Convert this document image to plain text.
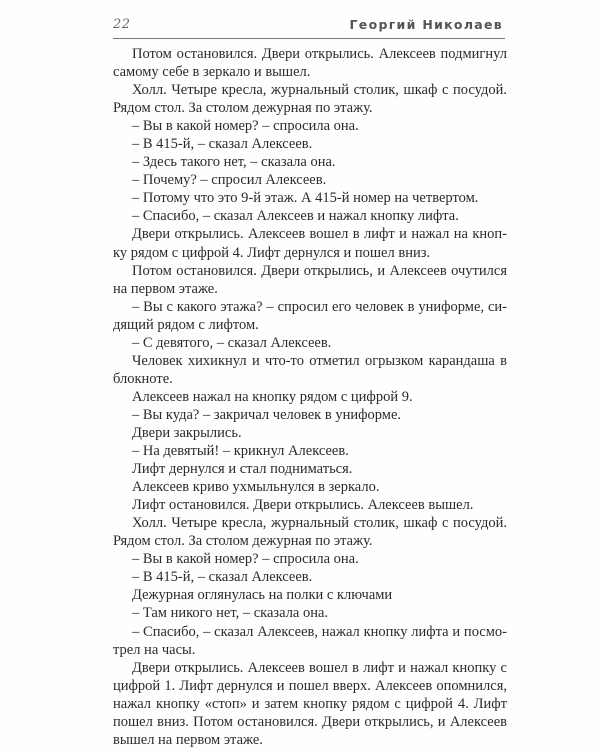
22	Георгий Николаев
Потом остановился. Двери открылись. Алексеев подмигнул
самому себе в зеркало и вышел.
Холл. Четыре кресла, журнальный столик, шкаф с посудой.
Рядом стол. За столом дежурная по этажу.
– Вы в какой номер? – спросила она.
– В 415-й, – сказал Алексеев.
– Здесь такого нет, – сказала она.
– Почему? – спросил Алексеев.
– Потому что это 9-й этаж. А 415-й номер на четвертом.
– Спасибо, – сказал Алексеев и нажал кнопку лифта.
Двери открылись. Алексеев вошел в лифт и нажал на кноп-
ку рядом с цифрой 4. Лифт дернулся и пошел вниз.
Потом остановился. Двери открылись, и Алексеев очутился
на первом этаже.
– Вы с какого этажа? – спросил его человек в униформе, си-
дящий рядом с лифтом.
– С девятого, – сказал Алексеев.
Человек хихикнул и что-то отметил огрызком карандаша в
блокноте.
Алексеев нажал на кнопку рядом с цифрой 9.
– Вы куда? – закричал человек в униформе.
Двери закрылись.
– На девятый! – крикнул Алексеев.
Лифт дернулся и стал подниматься.
Алексеев криво ухмыльнулся в зеркало.
Лифт остановился. Двери открылись. Алексеев вышел.
Холл. Четыре кресла, журнальный столик, шкаф с посудой.
Рядом стол. За столом дежурная по этажу.
– Вы в какой номер? – спросила она.
– В 415-й, – сказал Алексеев.
Дежурная оглянулась на полки с ключами
– Там никого нет, – сказала она.
– Спасибо, – сказал Алексеев, нажал кнопку лифта и посмо-
трел на часы.
Двери открылись. Алексеев вошел в лифт и нажал кнопку с
цифрой 1. Лифт дернулся и пошел вверх. Алексеев опомнился,
нажал кнопку «стоп» и затем кнопку рядом с цифрой 4. Лифт
пошел вниз. Потом остановился. Двери открылись, и Алексеев
вышел на первом этаже.
